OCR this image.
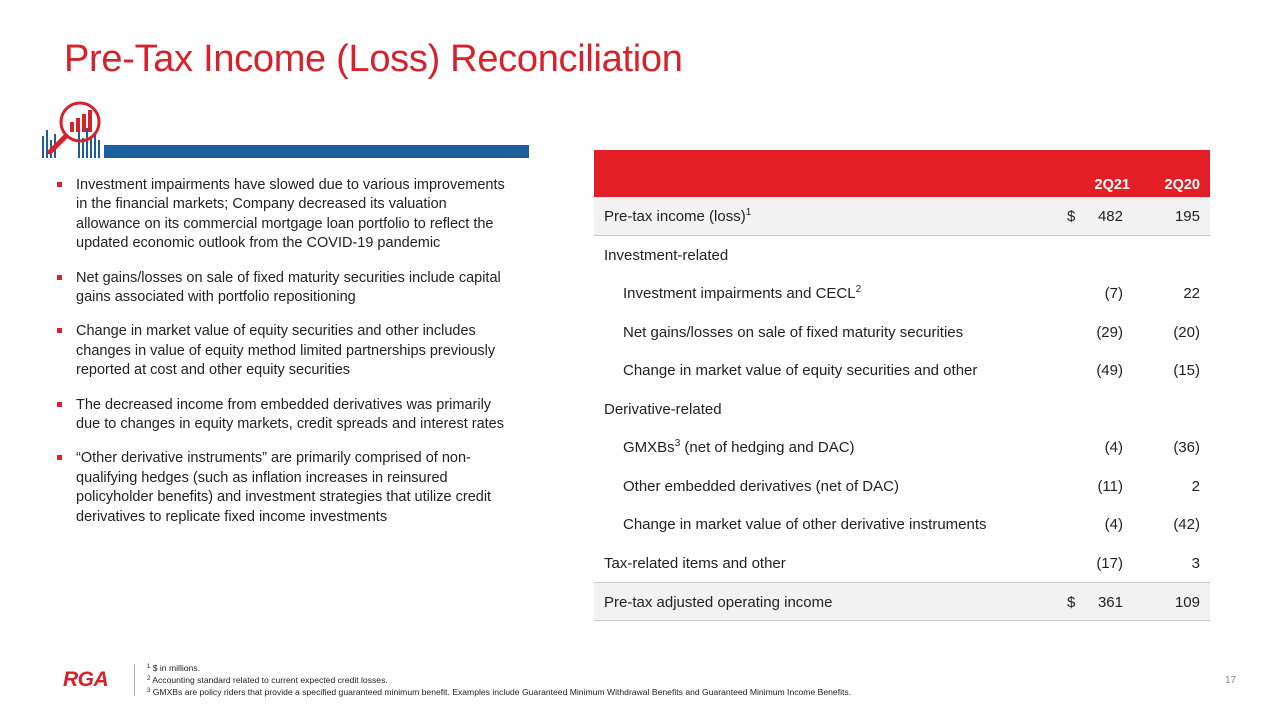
Pre-Tax Income (Loss) Reconciliation
Investment impairments have slowed due to various improvements in the financial markets; Company decreased its valuation allowance on its commercial mortgage loan portfolio to reflect the updated economic outlook from the COVID-19 pandemic
Net gains/losses on sale of fixed maturity securities include capital gains associated with portfolio repositioning
Change in market value of equity securities and other includes changes in value of equity method limited partnerships previously reported at cost and other equity securities
The decreased income from embedded derivatives was primarily due to changes in equity markets, credit spreads and interest rates
“Other derivative instruments” are primarily comprised of non-qualifying hedges (such as inflation increases in reinsured policyholder benefits) and investment strategies that utilize credit derivatives to replicate fixed income investments
2Q21 2Q20
Pre-tax income (loss)$^1$	$ 482	195
Investment-related
Investment impairments and CECL$^2$	(7)	22
Net gains/losses on sale of fixed maturity securities	(29)	(20)
Change in market value of equity securities and other	(49)	(15)
Derivative-related
GMXBs$^3$ (net of hedging and DAC)	(4)	(36)
Other embedded derivatives (net of DAC)	(11)	2
Change in market value of other derivative instruments	(4)	(42)
Tax-related items and other	(17)	3
Pre-tax adjusted operating income	$ 361	109
RGA
$^1$ $ in millions.
$^2$ Accounting standard related to current expected credit losses.
$^3$ GMXBs are policy riders that provide a specified guaranteed minimum benefit. Examples include Guaranteed Minimum Withdrawal Benefits and Guaranteed Minimum Income Benefits.
17
